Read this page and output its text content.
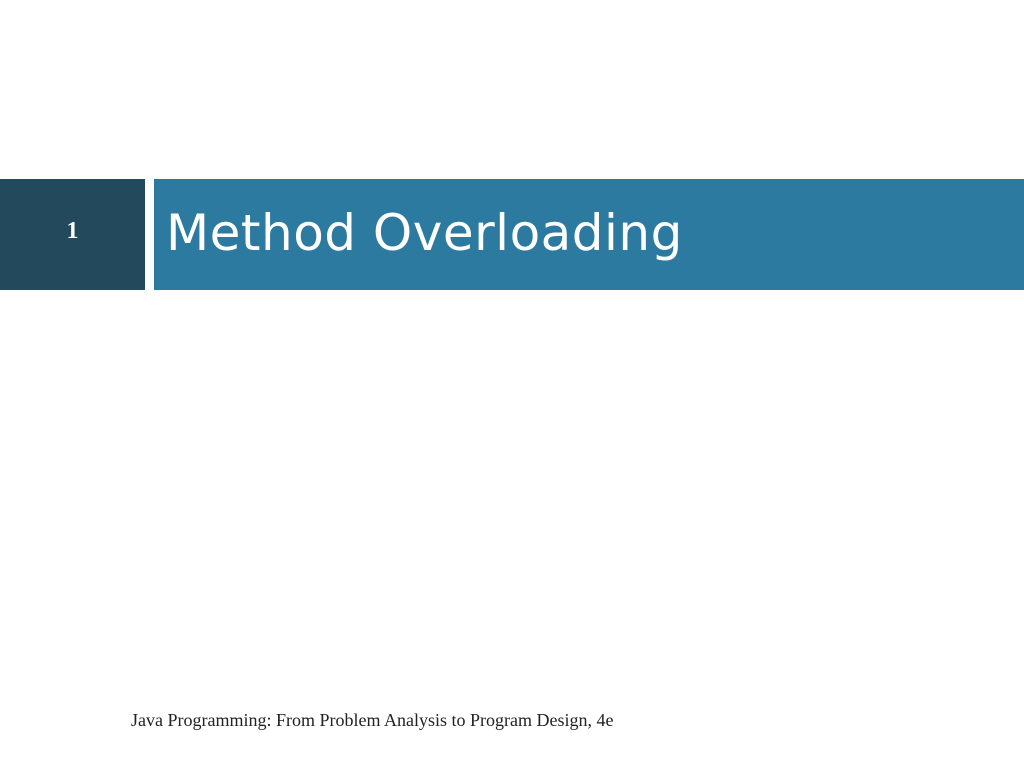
1	Method Overloading
Java Programming: From Problem Analysis to Program Design, 4e
